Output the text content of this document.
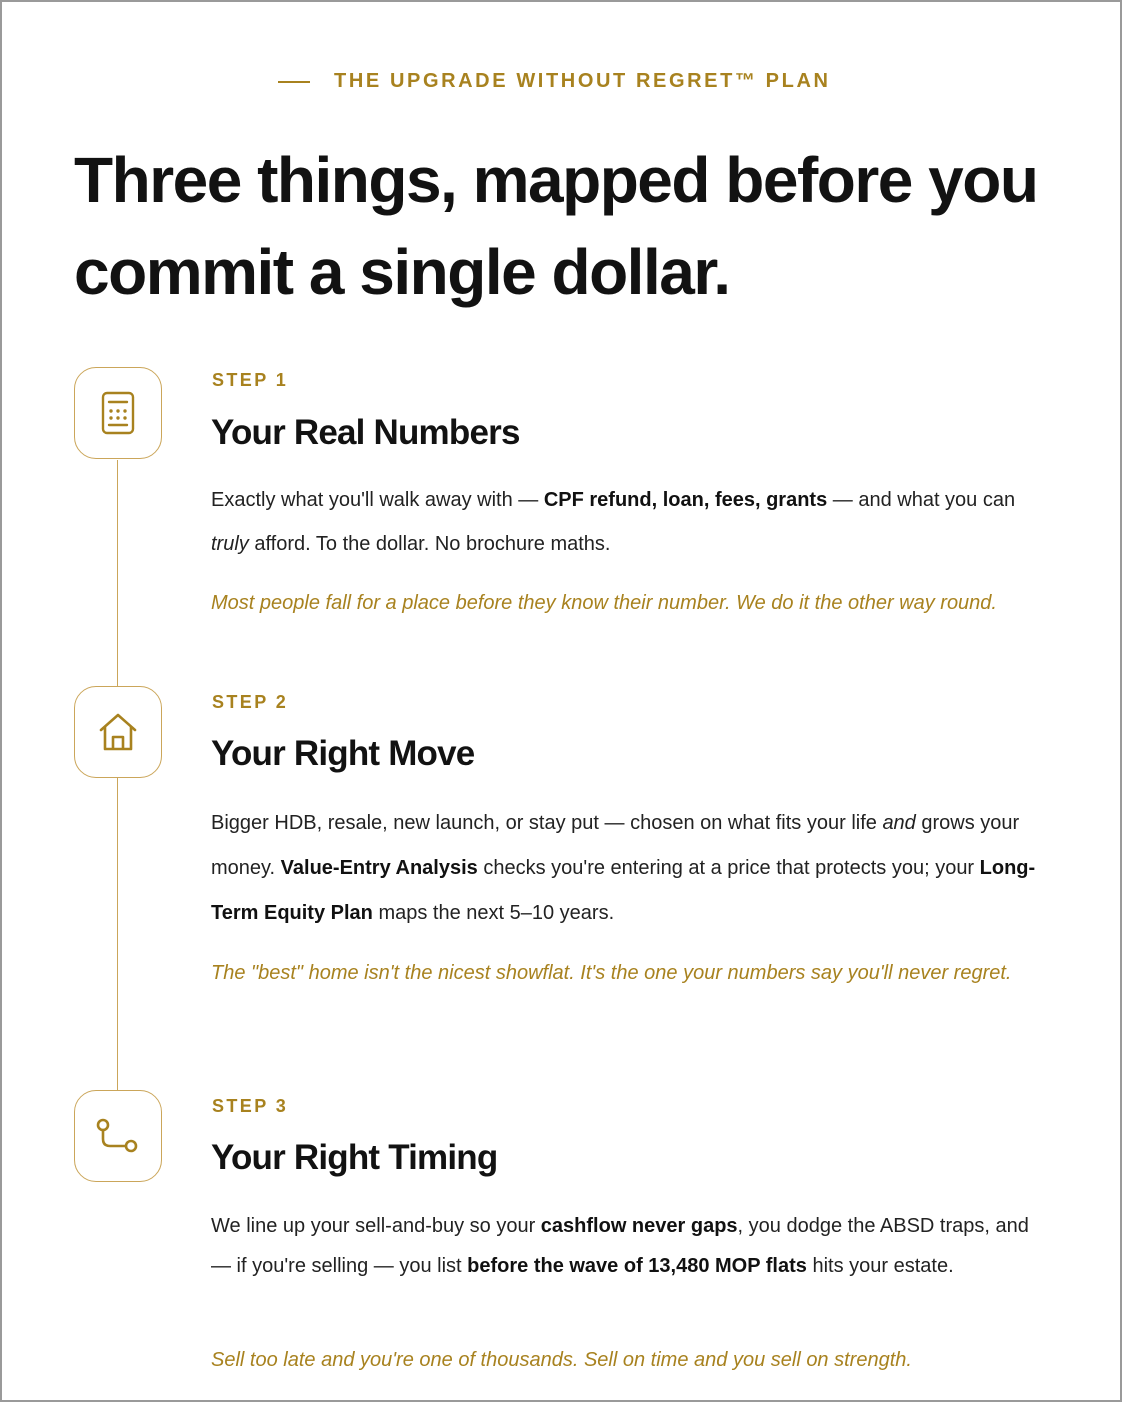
THE UPGRADE WITHOUT REGRET™ PLAN
Three things, mapped before you
commit a single dollar.
STEP 1
Your Real Numbers

Exactly what you'll walk away with — CPF refund, loan, fees, grants — and what you can truly afford. To the dollar. No brochure maths.

Most people fall for a place before they know their number. We do it the other way round.

STEP 2
Your Right Move

Bigger HDB, resale, new launch, or stay put — chosen on what fits your life and grows your money. Value-Entry Analysis checks you're entering at a price that protects you; your Long-Term Equity Plan maps the next 5–10 years.

The "best" home isn't the nicest showflat. It's the one your numbers say you'll never regret.

STEP 3
Your Right Timing

We line up your sell-and-buy so your cashflow never gaps, you dodge the ABSD traps, and — if you're selling — you list before the wave of 13,480 MOP flats hits your estate.

Sell too late and you're one of thousands. Sell on time and you sell on strength.
